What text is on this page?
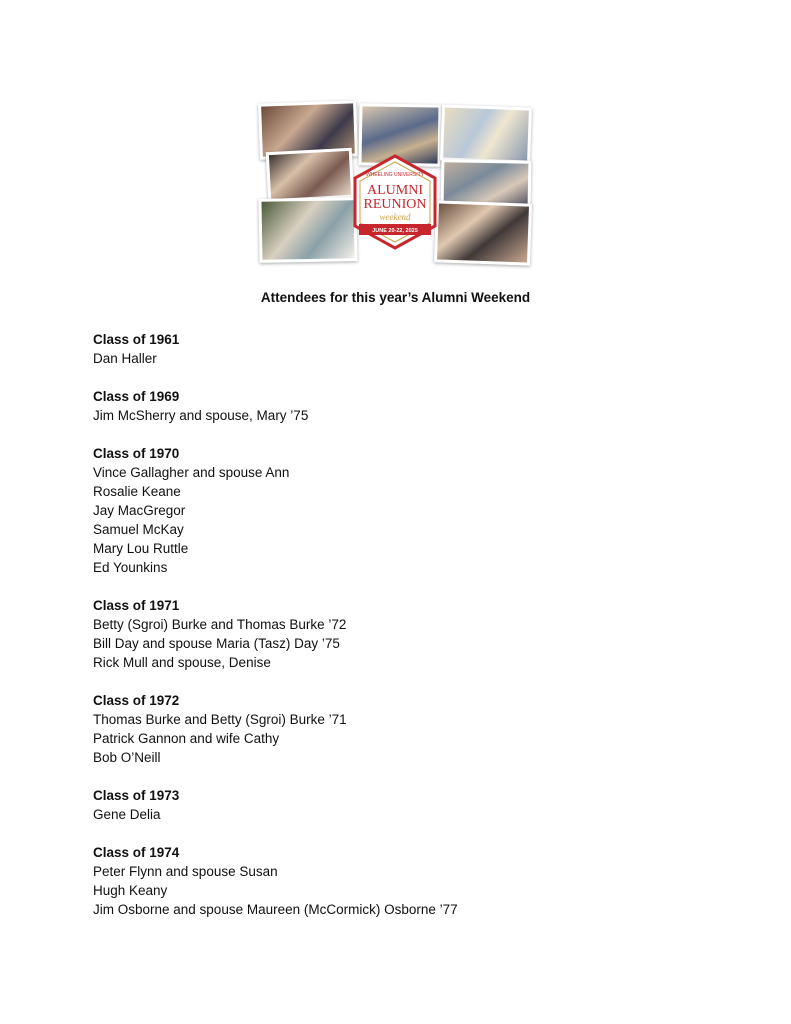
WHEELING UNIVERSITY
ALUMNI
REUNION
weekend
JUNE 20-22, 2025
Attendees for this year’s Alumni Weekend
Class of 1961
Dan Haller
Class of 1969
Jim McSherry and spouse, Mary ’75
Class of 1970
Vince Gallagher and spouse Ann
Rosalie Keane
Jay MacGregor
Samuel McKay
Mary Lou Ruttle
Ed Younkins
Class of 1971
Betty (Sgroi) Burke and Thomas Burke ’72
Bill Day and spouse Maria (Tasz) Day ’75
Rick Mull and spouse, Denise
Class of 1972
Thomas Burke and Betty (Sgroi) Burke ’71
Patrick Gannon and wife Cathy
Bob O’Neill
Class of 1973
Gene Delia
Class of 1974
Peter Flynn and spouse Susan
Hugh Keany
Jim Osborne and spouse Maureen (McCormick) Osborne ’77
